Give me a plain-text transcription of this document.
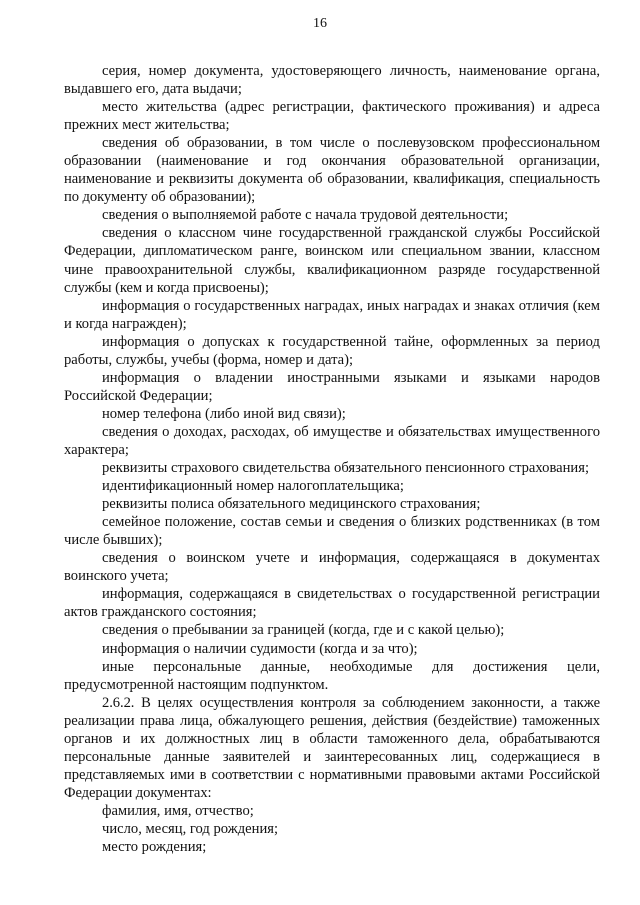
16

серия, номер документа, удостоверяющего личность, наименование органа, выдавшего его, дата выдачи;

место жительства (адрес регистрации, фактического проживания) и адреса прежних мест жительства;

сведения об образовании, в том числе о послевузовском профессиональном образовании (наименование и год окончания образовательной организации, наименование и реквизиты документа об образовании, квалификация, специальность по документу об образовании);

сведения о выполняемой работе с начала трудовой деятельности;

сведения о классном чине государственной гражданской службы Российской Федерации, дипломатическом ранге, воинском или специальном звании, классном чине правоохранительной службы, квалификационном разряде государственной службы (кем и когда присвоены);

информация о государственных наградах, иных наградах и знаках отличия (кем и когда награжден);

информация о допусках к государственной тайне, оформленных за период работы, службы, учебы (форма, номер и дата);

информация о владении иностранными языками и языками народов Российской Федерации;

номер телефона (либо иной вид связи);

сведения о доходах, расходах, об имуществе и обязательствах имущественного характера;

реквизиты страхового свидетельства обязательного пенсионного страхования;

идентификационный номер налогоплательщика;

реквизиты полиса обязательного медицинского страхования;

семейное положение, состав семьи и сведения о близких родственниках (в том числе бывших);

сведения о воинском учете и информация, содержащаяся в документах воинского учета;

информация, содержащаяся в свидетельствах о государственной регистрации актов гражданского состояния;

сведения о пребывании за границей (когда, где и с какой целью);

информация о наличии судимости (когда и за что);

иные персональные данные, необходимые для достижения цели, предусмотренной настоящим подпунктом.

2.6.2. В целях осуществления контроля за соблюдением законности, а также реализации права лица, обжалующего решения, действия (бездействие) таможенных органов и их должностных лиц в области таможенного дела, обрабатываются персональные данные заявителей и заинтересованных лиц, содержащиеся в представляемых ими в соответствии с нормативными правовыми актами Российской Федерации документах:

фамилия, имя, отчество;

число, месяц, год рождения;

место рождения;
